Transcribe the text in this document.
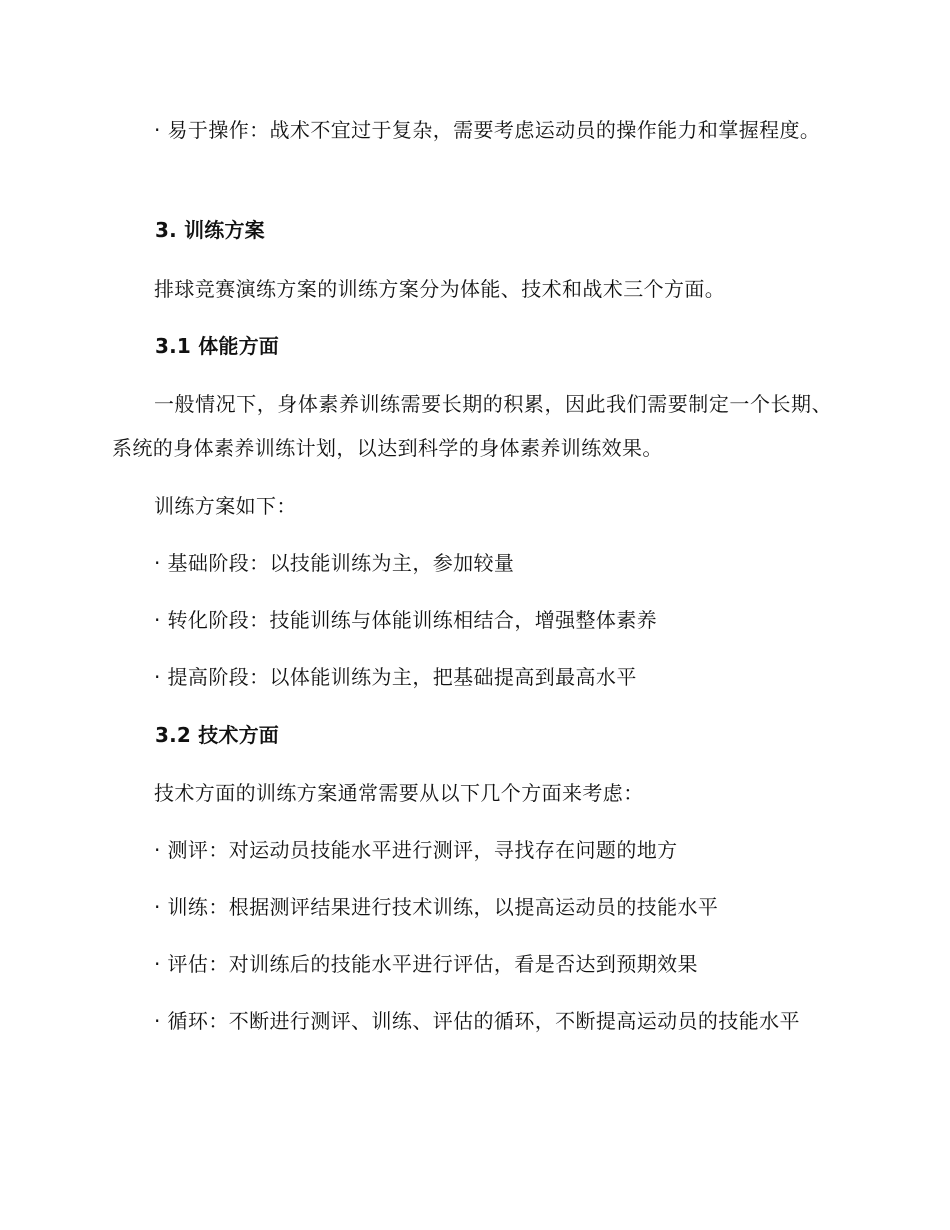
· 易于操作：战术不宜过于复杂，需要考虑运动员的操作能力和掌握程度。

3. 训练方案

排球竞赛演练方案的训练方案分为体能、技术和战术三个方面。

3.1 体能方面

一般情况下，身体素养训练需要长期的积累，因此我们需要制定一个长期、系统的身体素养训练计划，以达到科学的身体素养训练效果。

训练方案如下：

· 基础阶段：以技能训练为主，参加较量

· 转化阶段：技能训练与体能训练相结合，增强整体素养

· 提高阶段：以体能训练为主，把基础提高到最高水平

3.2 技术方面

技术方面的训练方案通常需要从以下几个方面来考虑：

· 测评：对运动员技能水平进行测评，寻找存在问题的地方

· 训练：根据测评结果进行技术训练，以提高运动员的技能水平

· 评估：对训练后的技能水平进行评估，看是否达到预期效果

· 循环：不断进行测评、训练、评估的循环，不断提高运动员的技能水平
